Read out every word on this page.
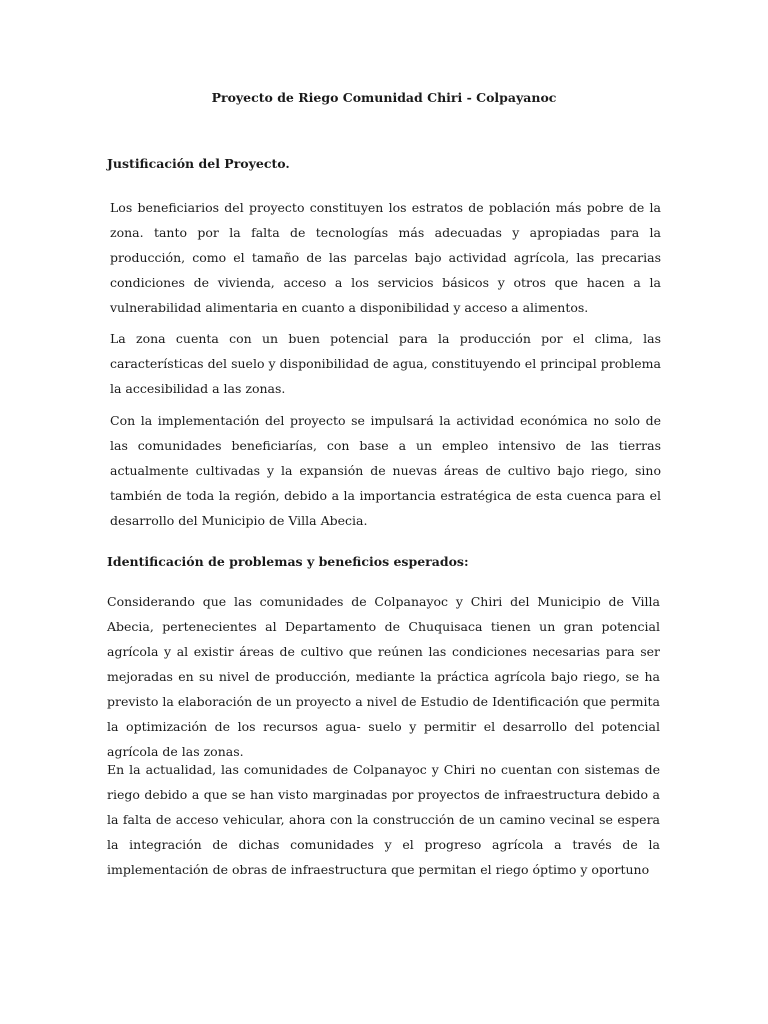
Proyecto de Riego Comunidad Chiri - Colpayanoc
Justificación del Proyecto.

Los beneficiarios del proyecto constituyen los estratos de población más pobre de la zona. tanto por la falta de tecnologías más adecuadas y apropiadas para la producción, como el tamaño de las parcelas bajo actividad agrícola, las precarias condiciones de vivienda, acceso a los servicios básicos y otros que hacen a la vulnerabilidad alimentaria en cuanto a disponibilidad y acceso a alimentos.

La zona cuenta con un buen potencial para la producción por el clima, las características del suelo y disponibilidad de agua, constituyendo el principal problema la accesibilidad a las zonas.

Con la implementación del proyecto se impulsará la actividad económica no solo de las comunidades beneficiarías, con base a un empleo intensivo de las tierras actualmente cultivadas y la expansión de nuevas áreas de cultivo bajo riego, sino también de toda la región, debido a la importancia estratégica de esta cuenca para el desarrollo del Municipio de Villa Abecia.

Identificación de problemas y beneficios esperados:

Considerando que las comunidades de Colpanayoc y Chiri del Municipio de Villa Abecia, pertenecientes al Departamento de Chuquisaca tienen un gran potencial agrícola y al existir áreas de cultivo que reúnen las condiciones necesarias para ser mejoradas en su nivel de producción, mediante la práctica agrícola bajo riego, se ha previsto la elaboración de un proyecto a nivel de Estudio de Identificación que permita la optimización de los recursos agua- suelo y permitir el desarrollo del potencial agrícola de las zonas.

En la actualidad, las comunidades de Colpanayoc y Chiri no cuentan con sistemas de riego debido a que se han visto marginadas por proyectos de infraestructura debido a la falta de acceso vehicular, ahora con la construcción de un camino vecinal se espera la integración de dichas comunidades y el progreso agrícola a través de la implementación de obras de infraestructura que permitan el riego óptimo y oportuno
